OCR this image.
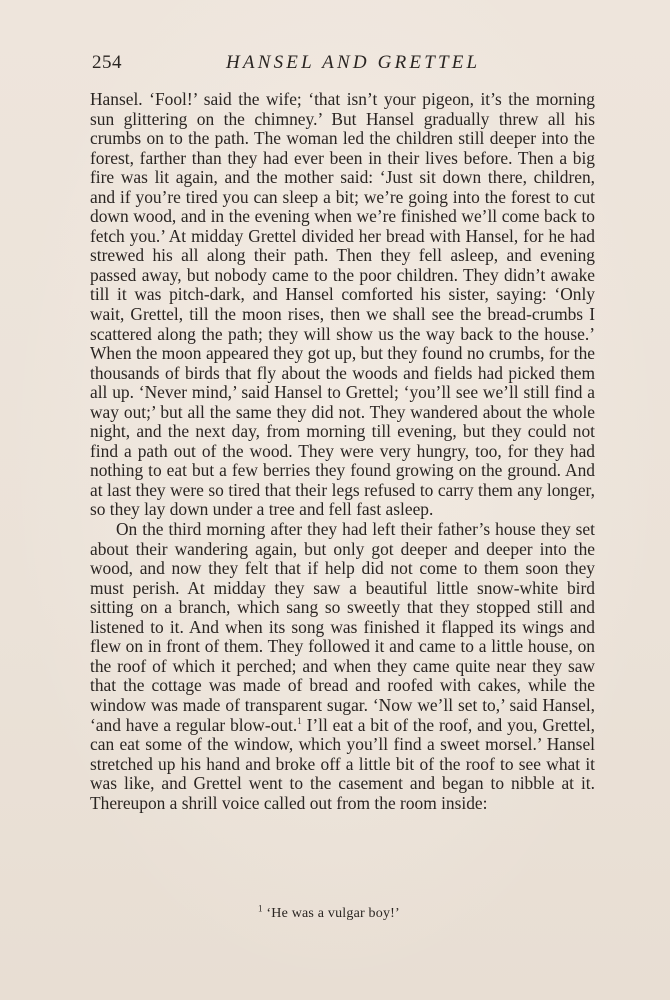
254	HANSEL AND GRETTEL

Hansel. ‘Fool!’ said the wife; ‘that isn’t your pigeon, it’s the morning sun glittering on the chimney.’ But Hansel gradually threw all his crumbs on to the path. The woman led the children still deeper into the forest, farther than they had ever been in their lives before. Then a big fire was lit again, and the mother said: ‘Just sit down there, children, and if you’re tired you can sleep a bit; we’re going into the forest to cut down wood, and in the evening when we’re finished we’ll come back to fetch you.’ At midday Grettel divided her bread with Hansel, for he had strewed his all along their path. Then they fell asleep, and evening passed away, but nobody came to the poor children. They didn’t awake till it was pitch-dark, and Hansel comforted his sister, saying: ‘Only wait, Grettel, till the moon rises, then we shall see the bread-crumbs I scattered along the path; they will show us the way back to the house.’ When the moon appeared they got up, but they found no crumbs, for the thousands of birds that fly about the woods and fields had picked them all up. ‘Never mind,’ said Hansel to Grettel; ‘you’ll see we’ll still find a way out;’ but all the same they did not. They wandered about the whole night, and the next day, from morning till evening, but they could not find a path out of the wood. They were very hungry, too, for they had nothing to eat but a few berries they found growing on the ground. And at last they were so tired that their legs refused to carry them any longer, so they lay down under a tree and fell fast asleep.

On the third morning after they had left their father’s house they set about their wandering again, but only got deeper and deeper into the wood, and now they felt that if help did not come to them soon they must perish. At midday they saw a beautiful little snow-white bird sitting on a branch, which sang so sweetly that they stopped still and listened to it. And when its song was finished it flapped its wings and flew on in front of them. They followed it and came to a little house, on the roof of which it perched; and when they came quite near they saw that the cottage was made of bread and roofed with cakes, while the window was made of transparent sugar. ‘Now we’ll set to,’ said Hansel, ‘and have a regular blow-out.$^1$ I’ll eat a bit of the roof, and you, Grettel, can eat some of the window, which you’ll find a sweet morsel.’ Hansel stretched up his hand and broke off a little bit of the roof to see what it was like, and Grettel went to the casement and began to nibble at it. Thereupon a shrill voice called out from the room inside:

$^1$ ‘He was a vulgar boy!’
